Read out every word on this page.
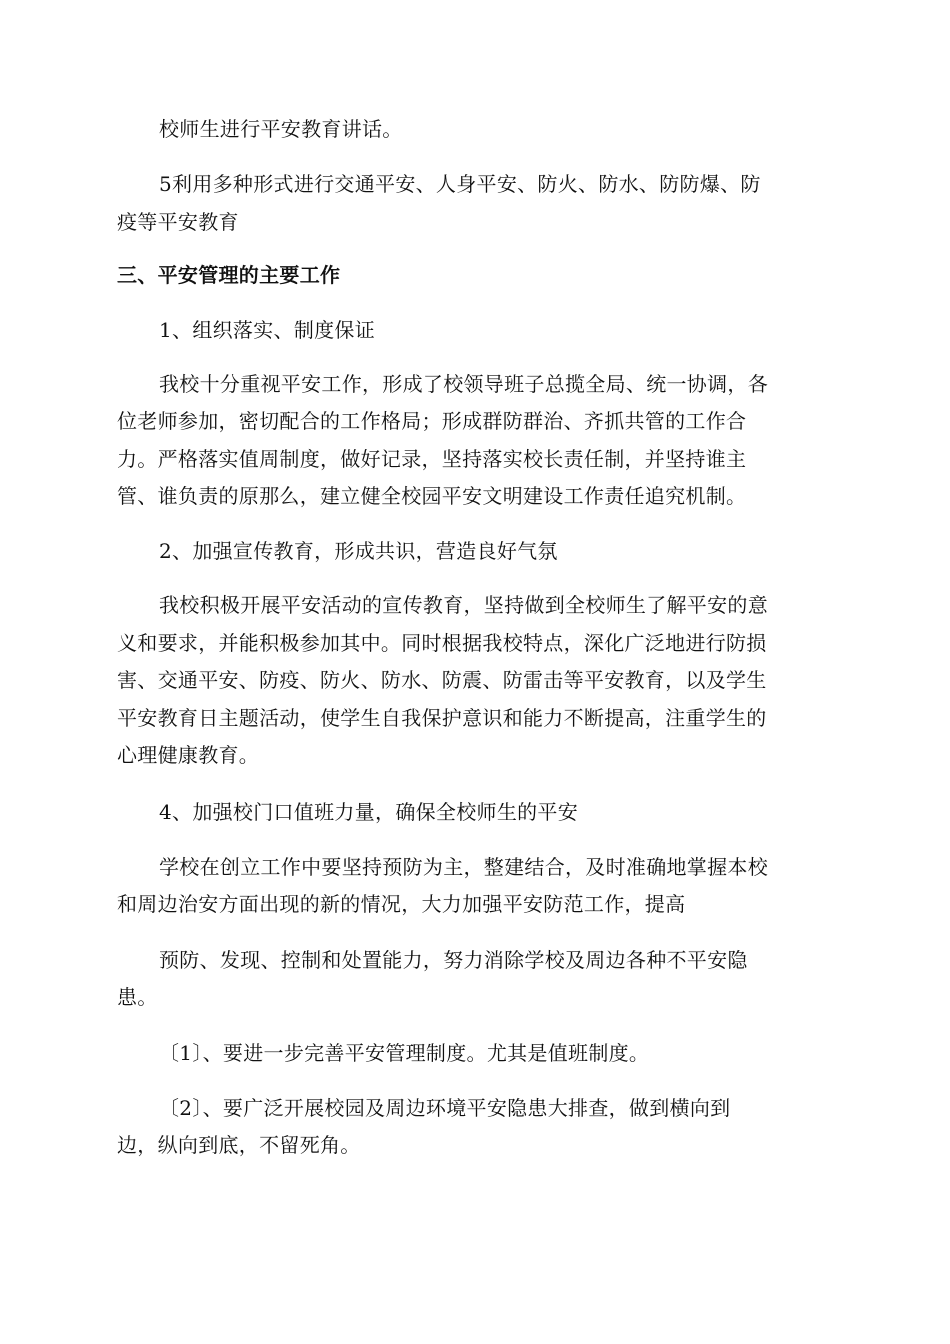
校师生进行平安教育讲话。
5利用多种形式进行交通平安、人身平安、防火、防水、防防爆、防
疫等平安教育
三、平安管理的主要工作
1、组织落实、制度保证
我校十分重视平安工作，形成了校领导班子总揽全局、统一协调，各
位老师参加，密切配合的工作格局；形成群防群治、齐抓共管的工作合
力。严格落实值周制度，做好记录，坚持落实校长责任制，并坚持谁主
管、谁负责的原那么，建立健全校园平安文明建设工作责任追究机制。
2、加强宣传教育，形成共识，营造良好气氛
我校积极开展平安活动的宣传教育，坚持做到全校师生了解平安的意
义和要求，并能积极参加其中。同时根据我校特点，深化广泛地进行防损
害、交通平安、防疫、防火、防水、防震、防雷击等平安教育，以及学生
平安教育日主题活动，使学生自我保护意识和能力不断提高，注重学生的
心理健康教育。
4、加强校门口值班力量，确保全校师生的平安
学校在创立工作中要坚持预防为主，整建结合，及时准确地掌握本校
和周边治安方面出现的新的情况，大力加强平安防范工作，提高
预防、发现、控制和处置能力，努力消除学校及周边各种不平安隐
患。
〔1〕、要进一步完善平安管理制度。尤其是值班制度。
〔2〕、要广泛开展校园及周边环境平安隐患大排查，做到横向到
边，纵向到底，不留死角。
